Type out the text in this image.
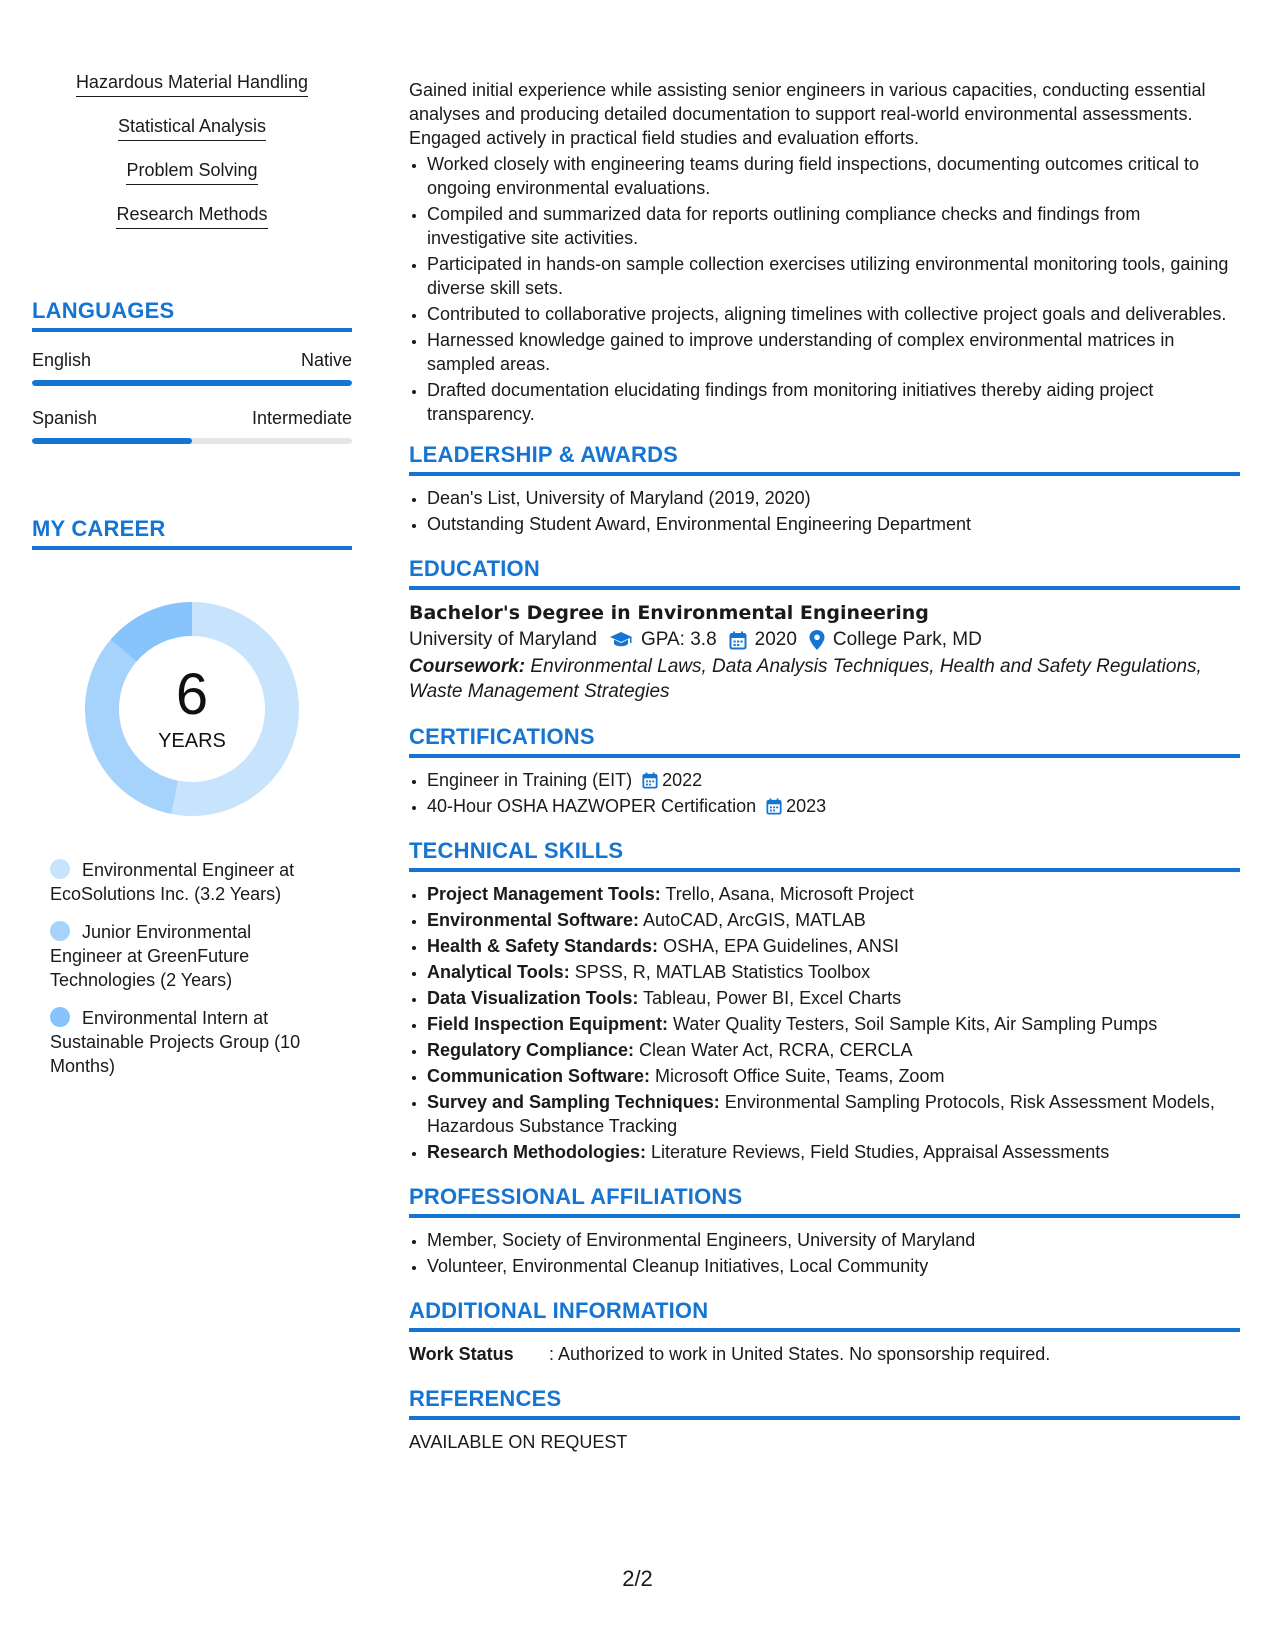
Hazardous Material Handling
Statistical Analysis
Problem Solving
Research Methods
LANGUAGES
English	Native
Spanish	Intermediate
MY CAREER
6
YEARS
Environmental Engineer at EcoSolutions Inc. (3.2 Years)
Junior Environmental Engineer at GreenFuture Technologies (2 Years)
Environmental Intern at Sustainable Projects Group (10 Months)

Gained initial experience while assisting senior engineers in various capacities, conducting essential analyses and producing detailed documentation to support real-world environmental assessments. Engaged actively in practical field studies and evaluation efforts.

• Worked closely with engineering teams during field inspections, documenting outcomes critical to ongoing environmental evaluations.
• Compiled and summarized data for reports outlining compliance checks and findings from investigative site activities.
• Participated in hands-on sample collection exercises utilizing environmental monitoring tools, gaining diverse skill sets.
• Contributed to collaborative projects, aligning timelines with collective project goals and deliverables.
• Harnessed knowledge gained to improve understanding of complex environmental matrices in sampled areas.
• Drafted documentation elucidating findings from monitoring initiatives thereby aiding project transparency.
LEADERSHIP & AWARDS
• Dean's List, University of Maryland (2019, 2020)
• Outstanding Student Award, Environmental Engineering Department
EDUCATION
Bachelor's Degree in Environmental Engineering
University of Maryland GPA: 3.8 2020 College Park, MD
Coursework: Environmental Laws, Data Analysis Techniques, Health and Safety Regulations, Waste Management Strategies
CERTIFICATIONS
• Engineer in Training (EIT) 2022
• 40-Hour OSHA HAZWOPER Certification 2023
TECHNICAL SKILLS
• Project Management Tools: Trello, Asana, Microsoft Project
• Environmental Software: AutoCAD, ArcGIS, MATLAB
• Health & Safety Standards: OSHA, EPA Guidelines, ANSI
• Analytical Tools: SPSS, R, MATLAB Statistics Toolbox
• Data Visualization Tools: Tableau, Power BI, Excel Charts
• Field Inspection Equipment: Water Quality Testers, Soil Sample Kits, Air Sampling Pumps
• Regulatory Compliance: Clean Water Act, RCRA, CERCLA
• Communication Software: Microsoft Office Suite, Teams, Zoom
• Survey and Sampling Techniques: Environmental Sampling Protocols, Risk Assessment Models, Hazardous Substance Tracking
• Research Methodologies: Literature Reviews, Field Studies, Appraisal Assessments
PROFESSIONAL AFFILIATIONS
• Member, Society of Environmental Engineers, University of Maryland
• Volunteer, Environmental Cleanup Initiatives, Local Community
ADDITIONAL INFORMATION
Work Status	: Authorized to work in United States. No sponsorship required.
REFERENCES
AVAILABLE ON REQUEST
2/2
